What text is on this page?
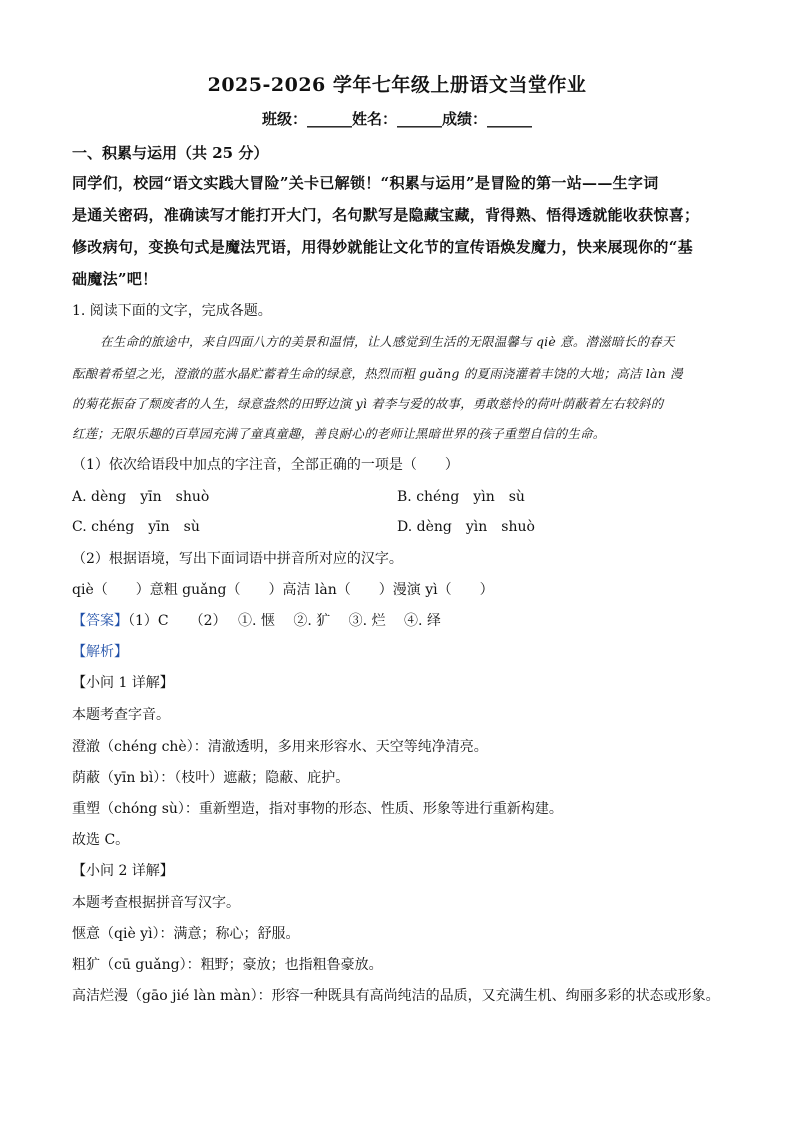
2025-2026 学年七年级上册语文当堂作业
班级：______姓名：______成绩：______
一、积累与运用（共 25 分）
同学们，校园“语文实践大冒险”关卡已解锁！“积累与运用”是冒险的第一站——生字词
是通关密码，准确读写才能打开大门，名句默写是隐藏宝藏，背得熟、悟得透就能收获惊喜；
修改病句，变换句式是魔法咒语，用得妙就能让文化节的宣传语焕发魔力，快来展现你的“基
础魔法”吧！
1. 阅读下面的文字，完成各题。
在生命的旅途中，来自四面八方的美景和温情，让人感觉到生活的无限温馨与 qiè 意。潜滋暗长的春天
酝酿着希望之光，澄澈的蓝水晶贮蓄着生命的绿意，热烈而粗 guǎng 的夏雨浇灌着丰饶的大地；高洁 làn 漫
的菊花振奋了颓废者的人生，绿意盎然的田野边演 yì 着李与爱的故事，勇敢慈怜的荷叶荫蔽着左右较斜的
红莲；无限乐趣的百草园充满了童真童趣，善良耐心的老师让黑暗世界的孩子重塑自信的生命。
（1）依次给语段中加点的字注音，全部正确的一项是（　　）
A. dèng　yīn　shuò	B. chéng　yìn　sù
C. chéng　yīn　sù	D. dèng　yìn　shuò
（2）根据语境，写出下面词语中拼音所对应的汉字。
qiè（　　）意粗 guǎng（　　）高洁 làn（　　）漫演 yì（　　）
【答案】（1）C　　（2）　 ①. 惬　 ②. 犷　 ③. 烂　 ④. 绎
【解析】
【小问 1 详解】
本题考查字音。
澄澈（chéng chè）：清澈透明，多用来形容水、天空等纯净清亮。
荫蔽（yīn bì）：（枝叶）遮蔽；隐蔽、庇护。
重塑（chóng sù）：重新塑造，指对事物的形态、性质、形象等进行重新构建。
故选 C。
【小问 2 详解】
本题考查根据拼音写汉字。
惬意（qiè yì）：满意；称心；舒服。
粗犷（cū guǎng）：粗野；豪放；也指粗鲁豪放。
高洁烂漫（gāo jié làn màn）：形容一种既具有高尚纯洁的品质，又充满生机、绚丽多彩的状态或形象。
